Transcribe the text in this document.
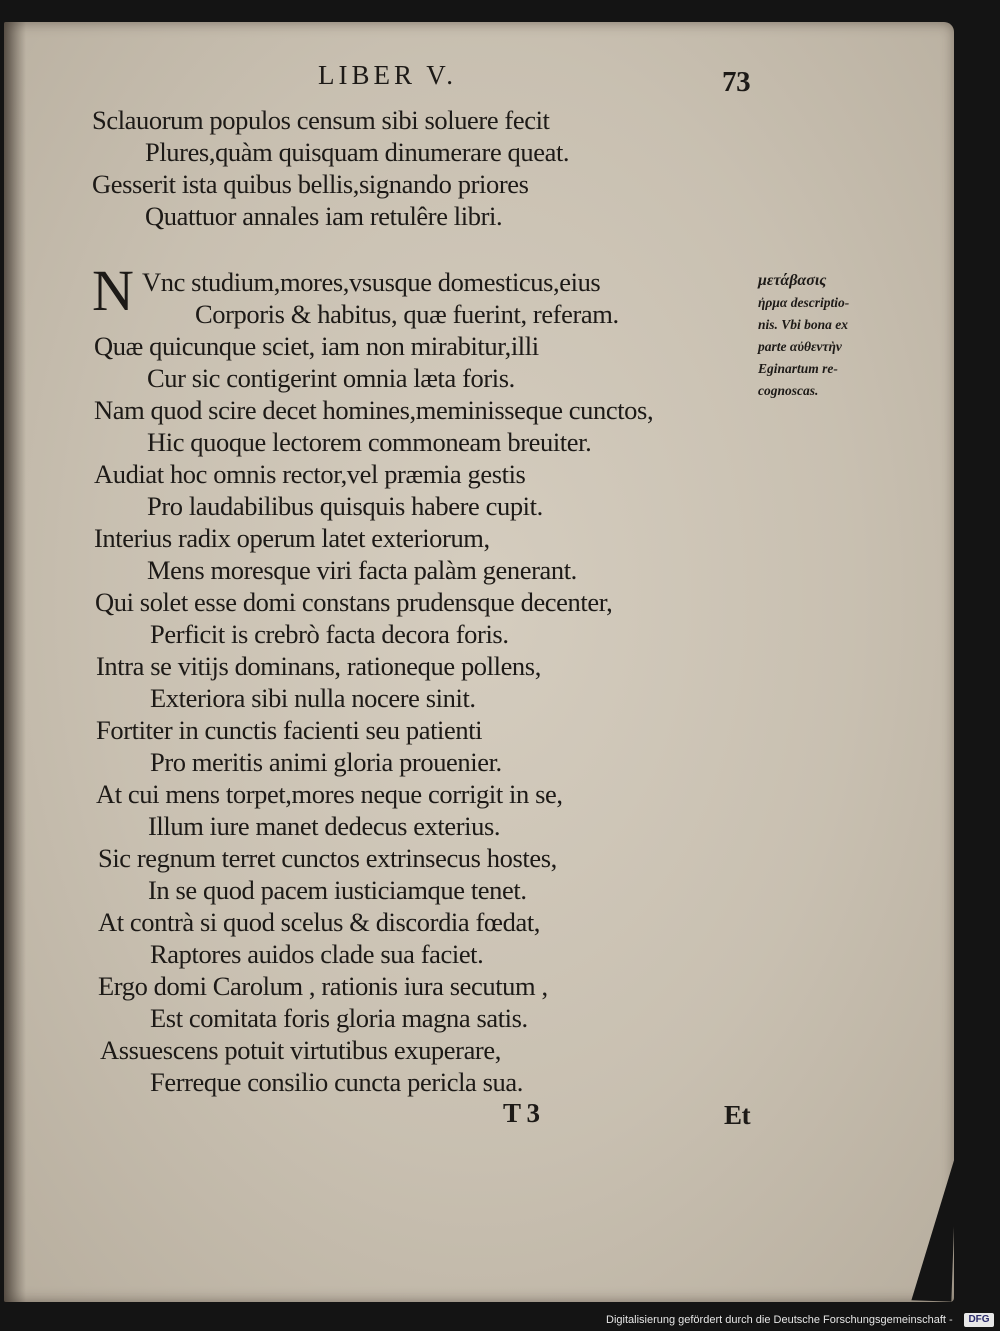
LIBER V.	73
Sclauorum populos censum sibi soluere fecit
Plures,quàm quisquam dinumerare queat.
Gesserit ista quibus bellis,signando priores
Quattuor annales iam retulêre libri.
N Vnc studium,mores,vsusque domesticus,eius
Corporis & habitus, quæ fuerint, referam.
Quæ quicunque sciet, iam non mirabitur,illi
Cur sic contigerint omnia læta foris.
Nam quod scire decet homines,meminisseque cunctos,
Hic quoque lectorem commoneam breuiter.
Audiat hoc omnis rector,vel præmia gestis
Pro laudabilibus quisquis habere cupit.
Interius radix operum latet exteriorum,
Mens moresque viri facta palàm generant.
Qui solet esse domi constans prudensque decenter,
Perficit is crebrò facta decora foris.
Intra se vitijs dominans, rationeque pollens,
Exteriora sibi nulla nocere sinit.
Fortiter in cunctis facienti seu patienti
Pro meritis animi gloria prouenier.
At cui mens torpet,mores neque corrigit in se,
Illum iure manet dedecus exterius.
Sic regnum terret cunctos extrinsecus hostes,
In se quod pacem iusticiamque tenet.
At contrà si quod scelus & discordia fœdat,
Raptores auidos clade sua faciet.
Ergo domi Carolum , rationis iura secutum ,
Est comitata foris gloria magna satis.
Assuescens potuit virtutibus exuperare,
Ferreque consilio cuncta pericla sua.
μετάβασις
ἠρμα descriptio-
nis. Vbi bona ex
parte αὐθεντὴν
Eginartum re-
cognoscas.
T 3	Et
Digitalisierung gefördert durch die Deutsche Forschungsgemeinschaft -	DFG
